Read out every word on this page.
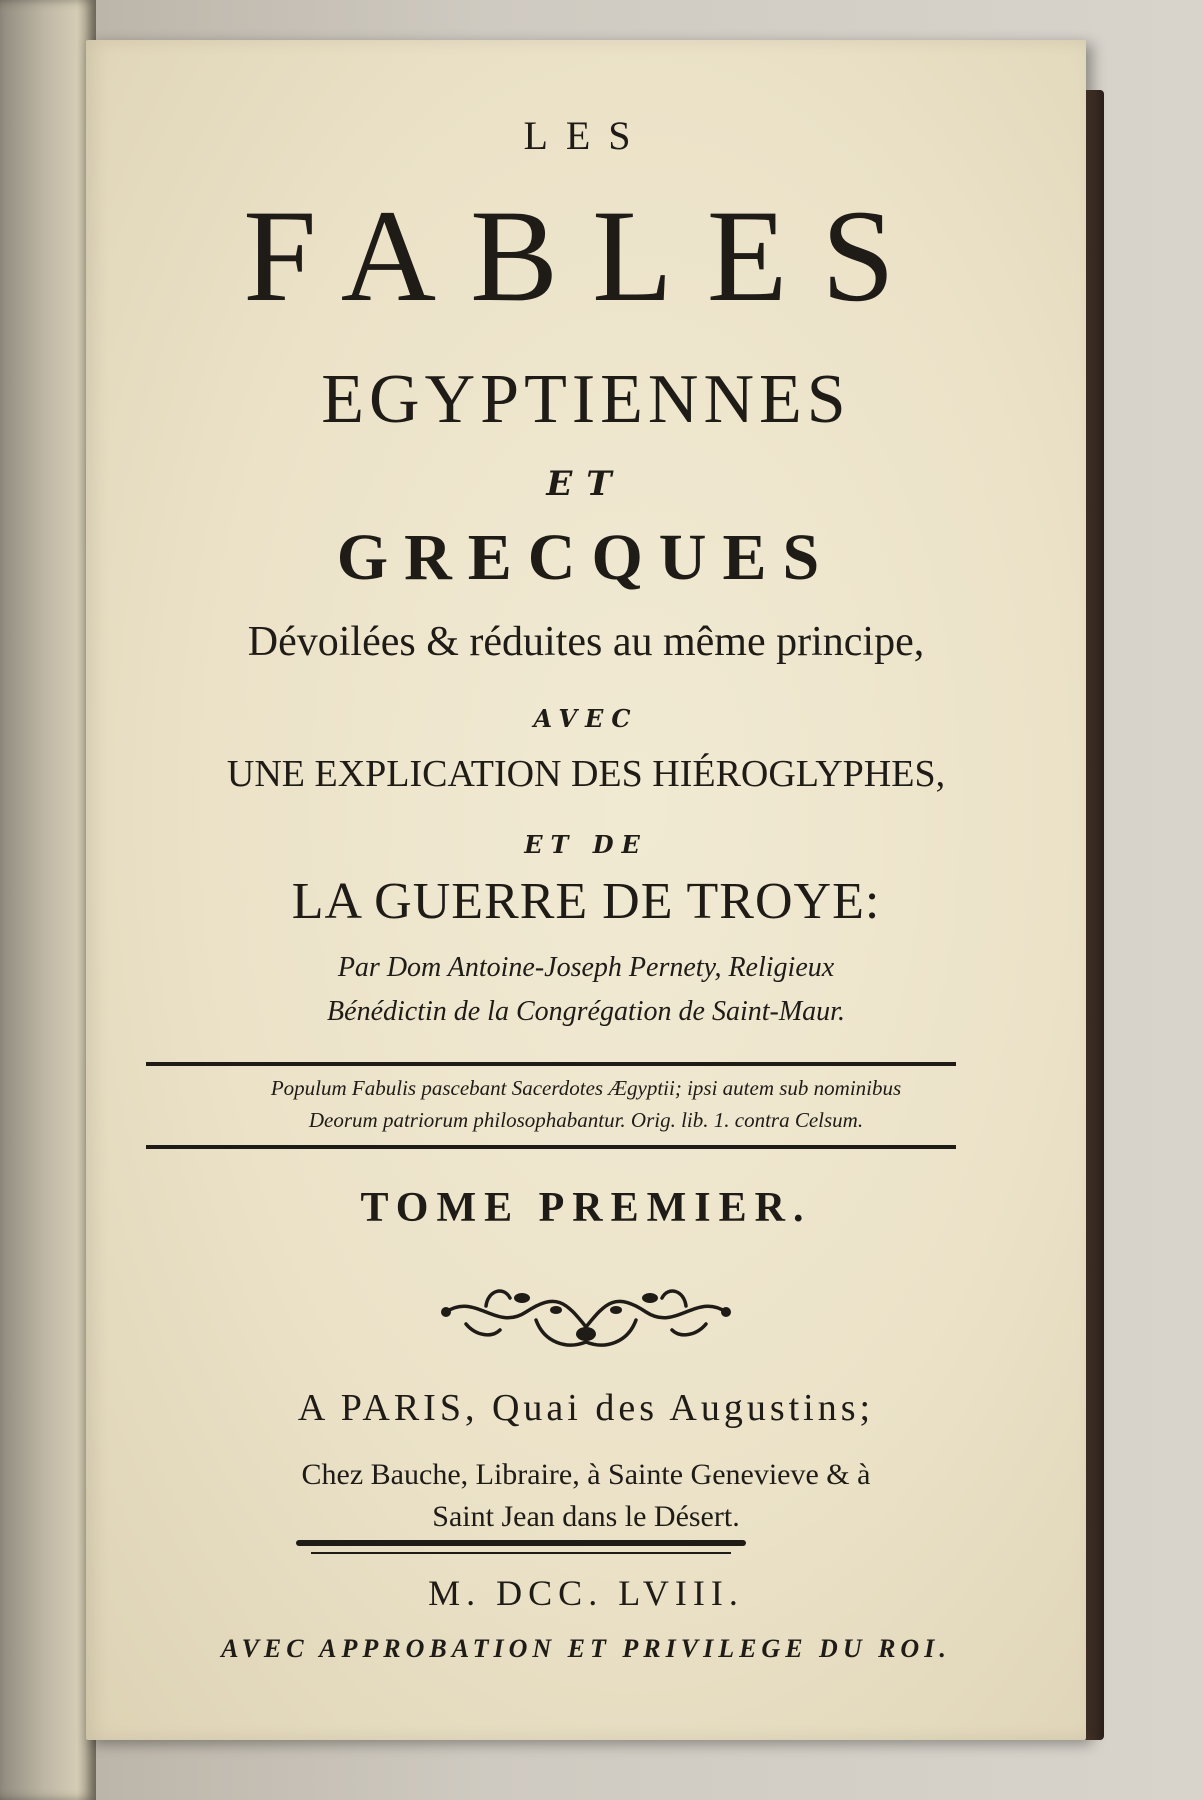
LES
FABLES
EGYPTIENNES
ET
GRECQUES
Dévoilées & réduites au même principe,
AVEC
UNE EXPLICATION DES HIÉROGLYPHES,
ET DE
LA GUERRE DE TROYE:
Par Dom Antoine-Joseph Pernety, Religieux
Bénédictin de la Congrégation de Saint-Maur.
Populum Fabulis pascebant Sacerdotes Ægyptii; ipsi autem sub nominibus
Deorum patriorum philosophabantur. Orig. lib. 1. contra Celsum.
TOME PREMIER.
A PARIS, Quai des Augustins;
Chez Bauche, Libraire, à Sainte Genevieve & à
Saint Jean dans le Désert.
M. DCC. LVIII.
AVEC APPROBATION ET PRIVILEGE DU ROI.
